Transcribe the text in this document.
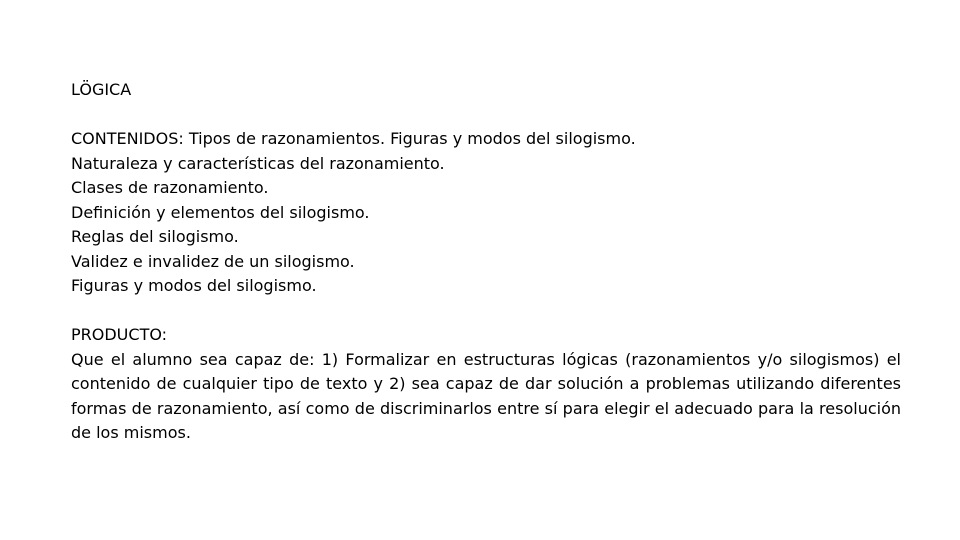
LÖGICA
CONTENIDOS: Tipos de razonamientos. Figuras y modos del silogismo.
Naturaleza y características del razonamiento.
Clases de razonamiento.
Definición y elementos del silogismo.
Reglas del silogismo.
Validez e invalidez de un silogismo.
Figuras y modos del silogismo.
PRODUCTO:
Que el alumno sea capaz de: 1) Formalizar en estructuras lógicas (razonamientos y/o silogismos) el contenido de cualquier tipo de texto y 2) sea capaz de dar solución a problemas utilizando diferentes formas de razonamiento, así como de discriminarlos entre sí para elegir el adecuado para la resolución de los mismos.
